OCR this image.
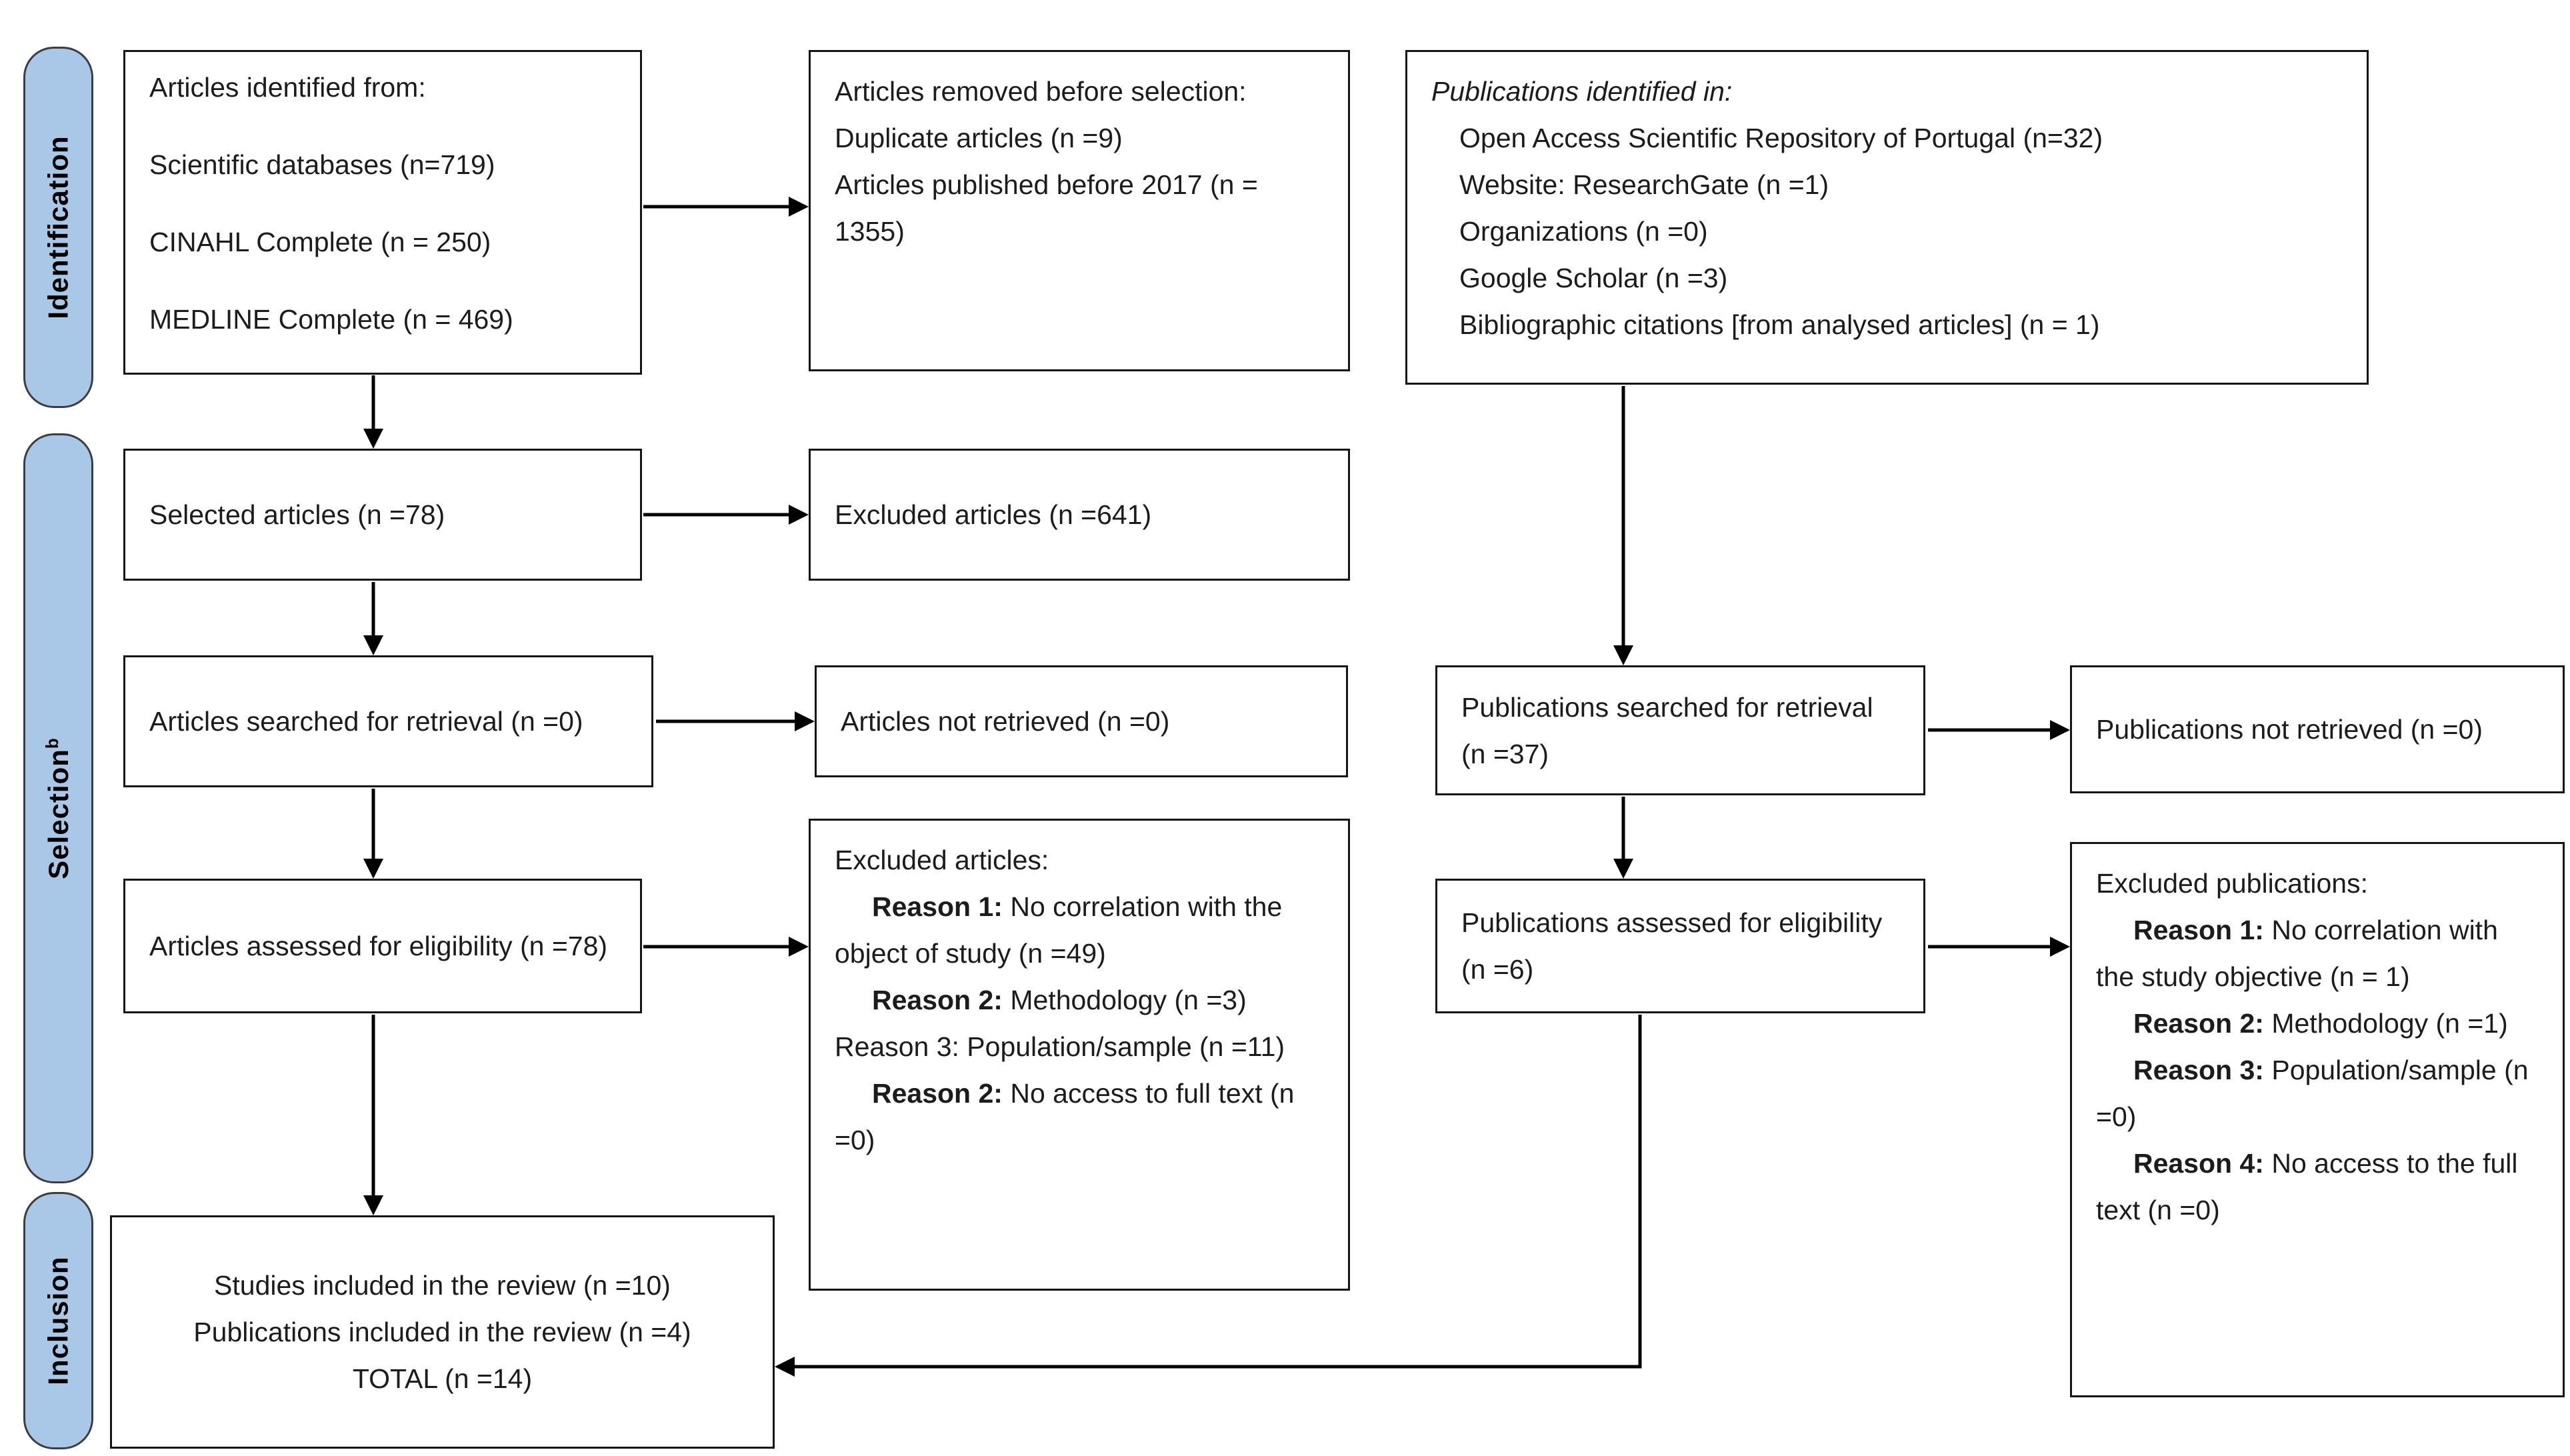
Identification
Selection$^b$
Inclusion
Articles identified from:

Scientific databases (n=719)

CINAHL Complete (n = 250)

MEDLINE Complete (n = 469)
Selected articles (n =78)
Articles searched for retrieval (n =0)
Articles assessed for eligibility (n =78)
Studies included in the review (n =10)
Publications included in the review (n =4)
TOTAL (n =14)
Articles removed before selection:
Duplicate articles (n =9)
Articles published before 2017 (n = 1355)
Excluded articles (n =641)
Articles not retrieved (n =0)
Excluded articles:
Reason 1: No correlation with the object of study (n =49)
Reason 2: Methodology (n =3)
Reason 3: Population/sample (n =11)
Reason 2: No access to full text (n =0)
Publications identified in:
Open Access Scientific Repository of Portugal (n=32)
Website: ResearchGate (n =1)
Organizations (n =0)
Google Scholar (n =3)
Bibliographic citations [from analysed articles] (n = 1)
Publications searched for retrieval (n =37)
Publications assessed for eligibility (n =6)
Publications not retrieved (n =0)
Excluded publications:
Reason 1: No correlation with the study objective (n = 1)
Reason 2: Methodology (n =1)
Reason 3: Population/sample (n =0)
Reason 4: No access to the full text (n =0)
